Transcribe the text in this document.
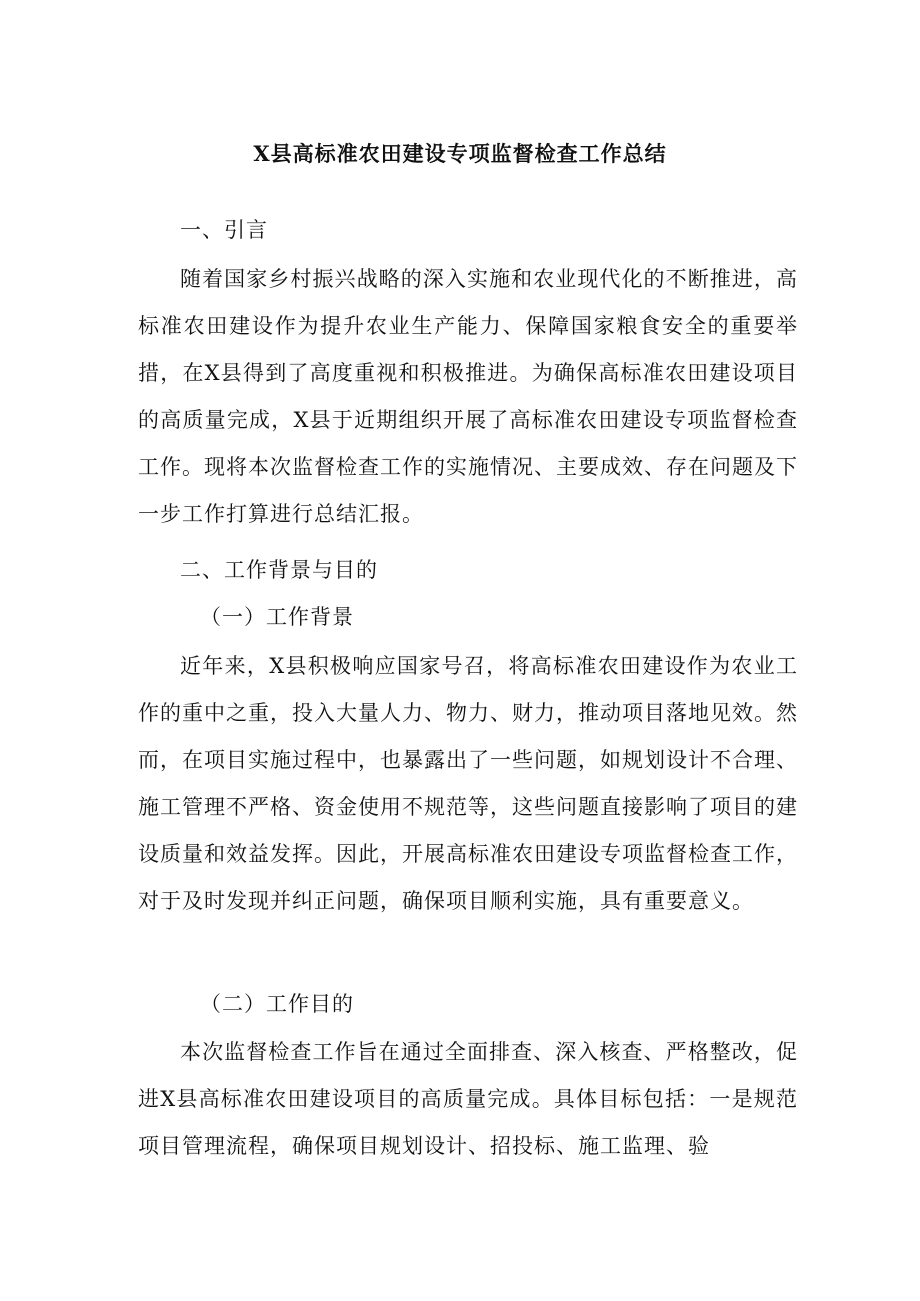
X县高标准农田建设专项监督检查工作总结

一、引言

随着国家乡村振兴战略的深入实施和农业现代化的不断推进，高标准农田建设作为提升农业生产能力、保障国家粮食安全的重要举措，在X县得到了高度重视和积极推进。为确保高标准农田建设项目的高质量完成，X县于近期组织开展了高标准农田建设专项监督检查工作。现将本次监督检查工作的实施情况、主要成效、存在问题及下一步工作打算进行总结汇报。

二、工作背景与目的

（一）工作背景

近年来，X县积极响应国家号召，将高标准农田建设作为农业工作的重中之重，投入大量人力、物力、财力，推动项目落地见效。然而，在项目实施过程中，也暴露出了一些问题，如规划设计不合理、施工管理不严格、资金使用不规范等，这些问题直接影响了项目的建设质量和效益发挥。因此，开展高标准农田建设专项监督检查工作，对于及时发现并纠正问题，确保项目顺利实施，具有重要意义。

（二）工作目的

本次监督检查工作旨在通过全面排查、深入核查、严格整改，促进X县高标准农田建设项目的高质量完成。具体目标包括：一是规范项目管理流程，确保项目规划设计、招投标、施工监理、验
